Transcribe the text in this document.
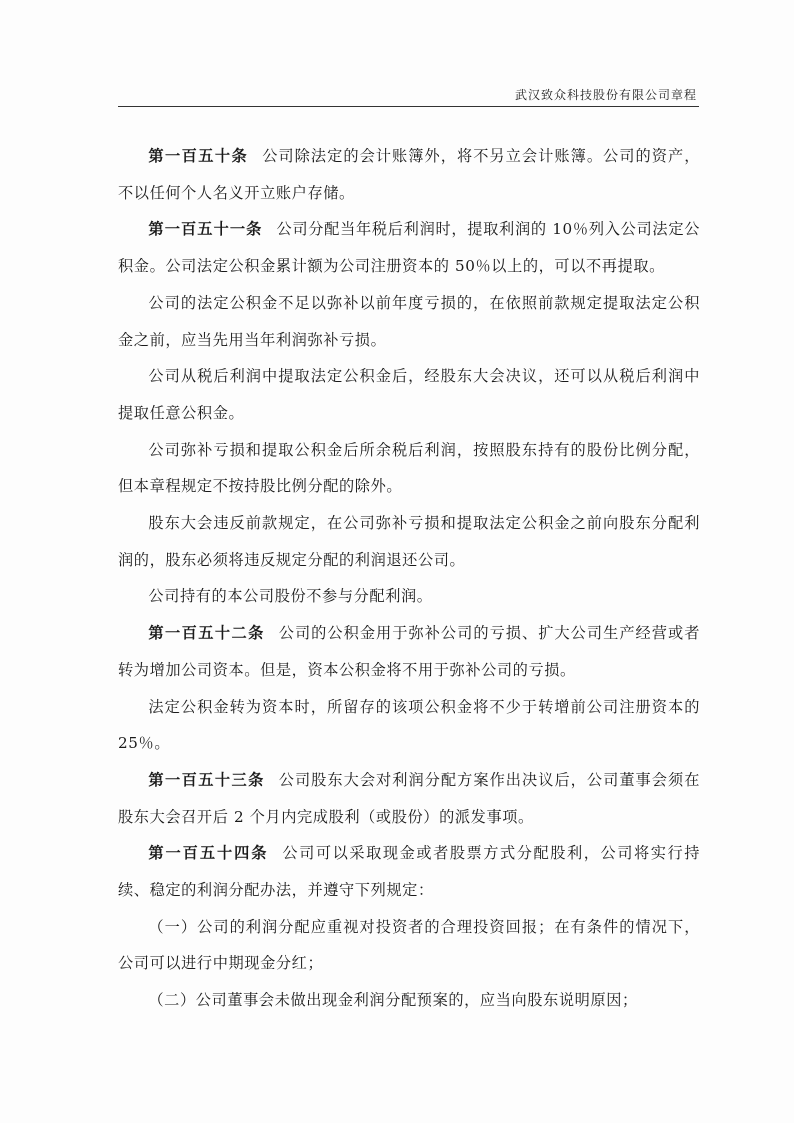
武汉致众科技股份有限公司章程

第一百五十条 公司除法定的会计账簿外，将不另立会计账簿。公司的资产，不以任何个人名义开立账户存储。

第一百五十一条 公司分配当年税后利润时，提取利润的 10％列入公司法定公积金。公司法定公积金累计额为公司注册资本的 50％以上的，可以不再提取。

公司的法定公积金不足以弥补以前年度亏损的，在依照前款规定提取法定公积金之前，应当先用当年利润弥补亏损。

公司从税后利润中提取法定公积金后，经股东大会决议，还可以从税后利润中提取任意公积金。

公司弥补亏损和提取公积金后所余税后利润，按照股东持有的股份比例分配，但本章程规定不按持股比例分配的除外。

股东大会违反前款规定，在公司弥补亏损和提取法定公积金之前向股东分配利润的，股东必须将违反规定分配的利润退还公司。

公司持有的本公司股份不参与分配利润。

第一百五十二条 公司的公积金用于弥补公司的亏损、扩大公司生产经营或者转为增加公司资本。但是，资本公积金将不用于弥补公司的亏损。

法定公积金转为资本时，所留存的该项公积金将不少于转增前公司注册资本的 25％。

第一百五十三条 公司股东大会对利润分配方案作出决议后，公司董事会须在股东大会召开后 2 个月内完成股利（或股份）的派发事项。

第一百五十四条 公司可以采取现金或者股票方式分配股利，公司将实行持续、稳定的利润分配办法，并遵守下列规定：

（一）公司的利润分配应重视对投资者的合理投资回报；在有条件的情况下，公司可以进行中期现金分红；

（二）公司董事会未做出现金利润分配预案的，应当向股东说明原因；
